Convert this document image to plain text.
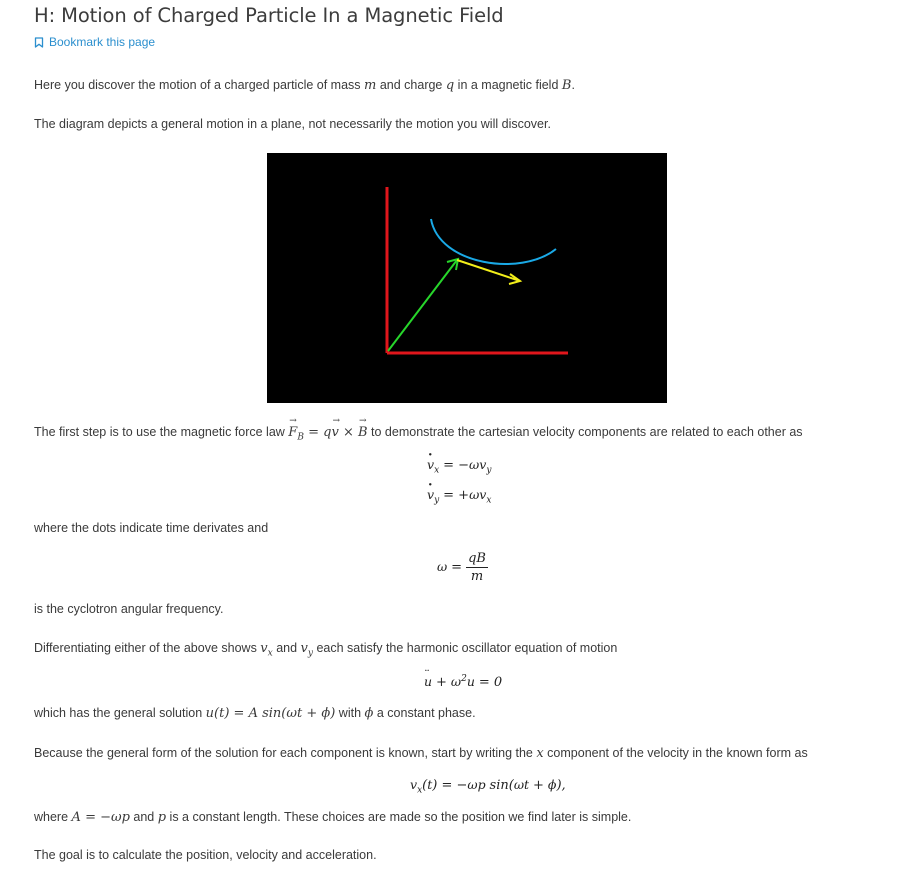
H: Motion of Charged Particle In a Magnetic Field
Bookmark this page

Here you discover the motion of a charged particle of mass m and charge q in a magnetic field B.

The diagram depicts a general motion in a plane, not necessarily the motion you will discover.

The first step is to use the magnetic force law → $F_B = q\to v$ × → B to demonstrate the cartesian velocity components are related to each other as

· $v_x = -\omega v_y$
· $v_y = +\omega v_x$

where the dots indicate time derivates and

$\omega = \frac{qB}{m}$

is the cyclotron angular frequency.

Differentiating either of the above shows $v_x$ and $v_y$ each satisfy the harmonic oscillator equation of motion

¨ $u + \omega^2u = 0$

which has the general solution u(t) = A sin(ωt + ϕ) with ϕ a constant phase.

Because the general form of the solution for each component is known, start by writing the x component of the velocity in the known form as

$v_x(t) = -\omega p$ sin(ωt + ϕ),

where A = −ωp and p is a constant length. These choices are made so the position we find later is simple.

The goal is to calculate the position, velocity and acceleration.
